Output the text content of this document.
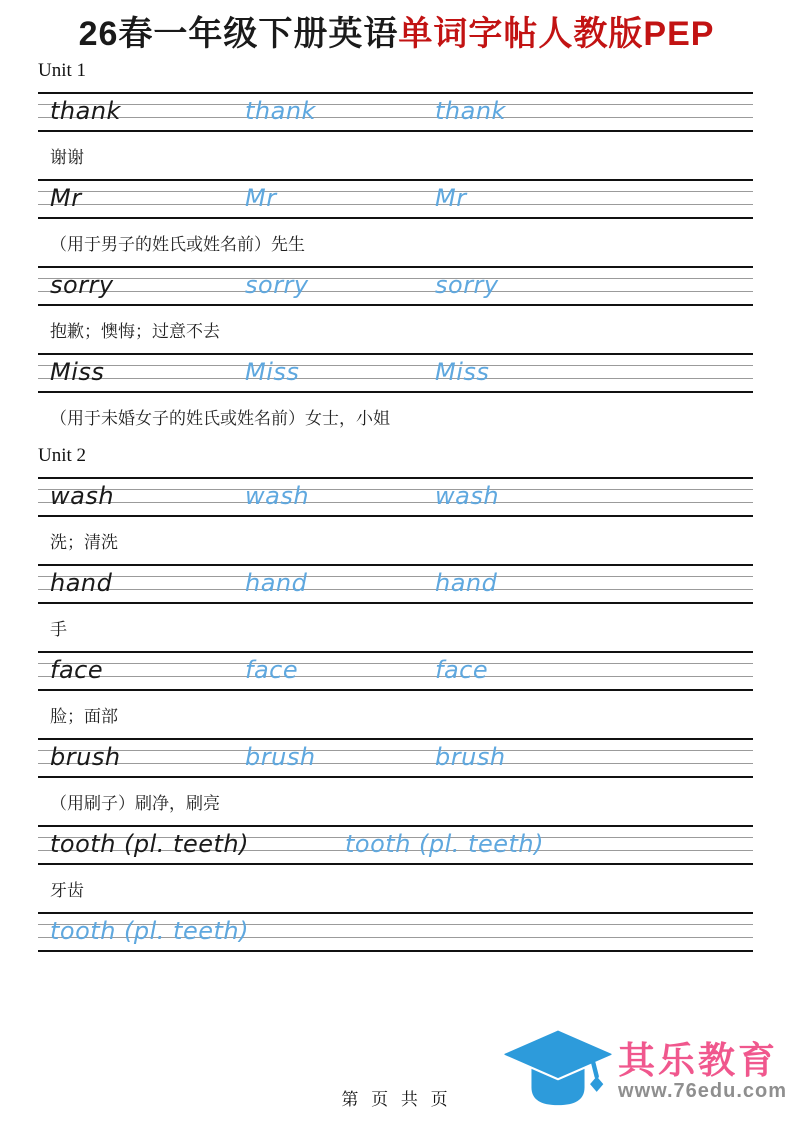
26春一年级下册英语单词字帖人教版PEP
Unit 1
thank	thank	thank
谢谢
Mr	Mr	Mr
（用于男子的姓氏或姓名前）先生
sorry	sorry	sorry
抱歉；懊悔；过意不去
Miss	Miss	Miss
（用于未婚女子的姓氏或姓名前）女士，小姐
Unit 2
wash	wash	wash
洗；清洗
hand	hand	hand
手
face	face	face
脸；面部
brush	brush	brush
（用刷子）刷净，刷亮
tooth (pl. teeth)	tooth (pl. teeth)
牙齿
tooth (pl. teeth)
第 页 共 页
其乐教育
www.76edu.com
